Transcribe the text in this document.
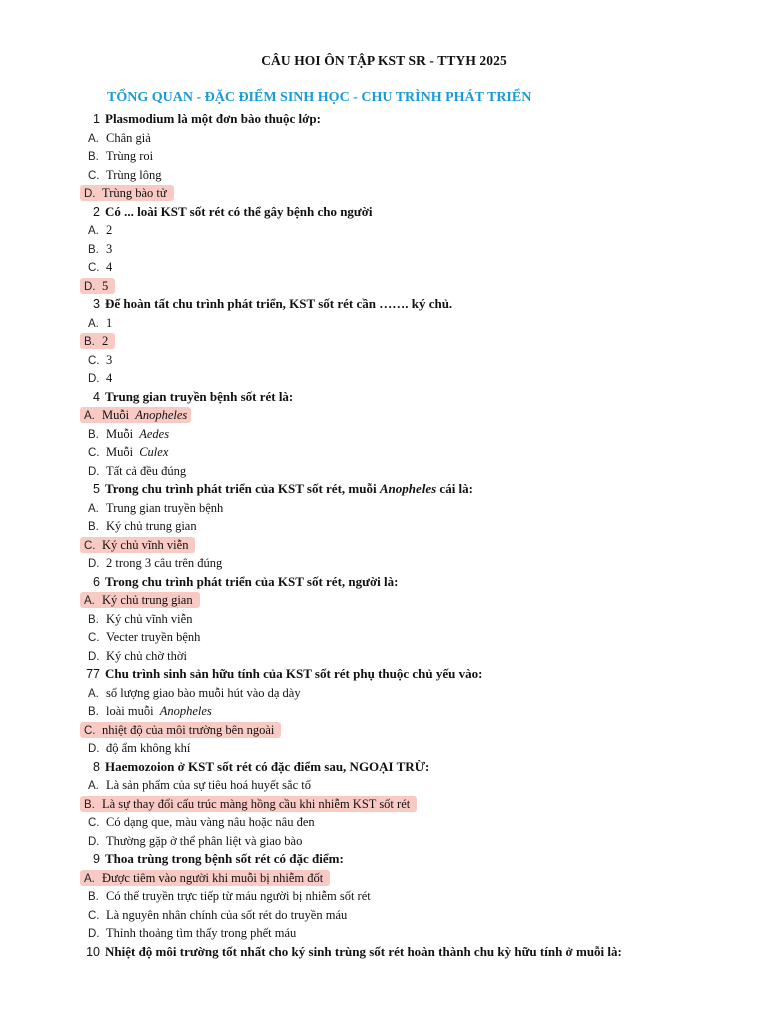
CÂU HOI ÔN TẬP KST SR - TTYH 2025
TỔNG QUAN - ĐẶC ĐIỂM SINH HỌC - CHU TRÌNH PHÁT TRIỂN
1 Plasmodium là một đơn bào thuộc lớp:
A. Chân giả
B. Trùng roi
C. Trùng lông
D. Trùng bào tử
2 Có ... loài KST sốt rét có thể gây bệnh cho người
A. 2
B. 3
C. 4
D. 5
3 Để hoàn tất chu trình phát triển, KST sốt rét cần ……. ký chủ.
A. 1
B. 2
C. 3
D. 4
4 Trung gian truyền bệnh sốt rét là:
A. Muỗi Anopheles
B. Muỗi Aedes
C. Muỗi Culex
D. Tất cả đều đúng
5 Trong chu trình phát triển của KST sốt rét, muỗi Anopheles cái là:
A. Trung gian truyền bệnh
B. Ký chủ trung gian
C. Ký chủ vĩnh viễn
D. 2 trong 3 câu trên đúng
6 Trong chu trình phát triển của KST sốt rét, người là:
A. Ký chủ trung gian
B. Ký chủ vĩnh viễn
C. Vecter truyền bệnh
D. Ký chủ chờ thời
77 Chu trình sinh sản hữu tính của KST sốt rét phụ thuộc chủ yếu vào:
A. số lượng giao bào muỗi hút vào dạ dày
B. loài muỗi Anopheles
C. nhiệt độ của môi trường bên ngoài
D. độ ẩm không khí
8 Haemozoion ở KST sốt rét có đặc điểm sau, NGOẠI TRỪ:
A. Là sản phẩm của sự tiêu hoá huyết sắc tố
B. Là sự thay đổi cấu trúc màng hồng cầu khi nhiễm KST sốt rét
C. Có dạng que, màu vàng nâu hoặc nâu đen
D. Thường gặp ở thể phân liệt và giao bào
9 Thoa trùng trong bệnh sốt rét có đặc điểm:
A. Được tiêm vào người khi muỗi bị nhiễm đốt
B. Có thể truyền trực tiếp từ máu người bị nhiễm sốt rét
C. Là nguyên nhân chính của sốt rét do truyền máu
D. Thỉnh thoảng tìm thấy trong phết máu
10 Nhiệt độ môi trường tốt nhất cho ký sinh trùng sốt rét hoàn thành chu kỳ hữu tính ở muỗi là:
